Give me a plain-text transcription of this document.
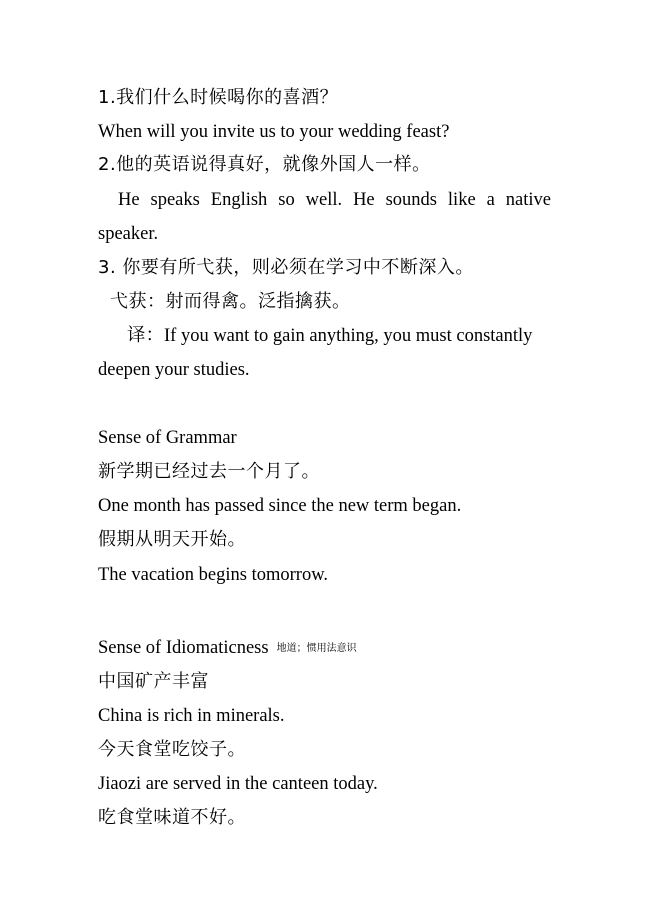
1.我们什么时候喝你的喜酒？
When will you invite us to your wedding feast?
2.他的英语说得真好，就像外国人一样。
He speaks English so well. He sounds like a native
speaker.
3. 你要有所弋获，则必须在学习中不断深入。
弋获：射而得禽。泛指擒获。
译：If you want to gain anything, you must constantly
deepen your studies.
Sense of Grammar
新学期已经过去一个月了。
One month has passed since the new term began.
假期从明天开始。
The vacation begins tomorrow.
Sense of Idiomaticness 地道；惯用法意识
中国矿产丰富
China is rich in minerals.
今天食堂吃饺子。
Jiaozi are served in the canteen today.
吃食堂味道不好。
